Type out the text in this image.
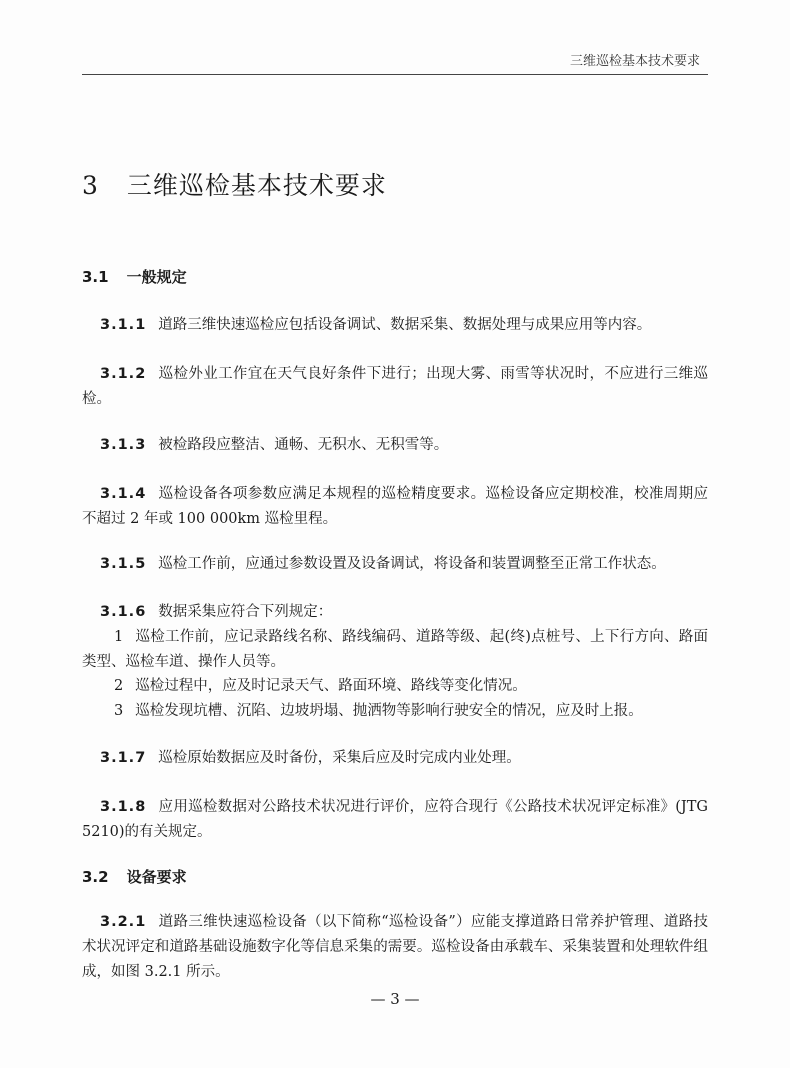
三维巡检基本技术要求
3 三维巡检基本技术要求
3.1 一般规定
3.1.1 道路三维快速巡检应包括设备调试、数据采集、数据处理与成果应用等内容。
3.1.2 巡检外业工作宜在天气良好条件下进行；出现大雾、雨雪等状况时，不应进行三维巡检。
3.1.3 被检路段应整洁、通畅、无积水、无积雪等。
3.1.4 巡检设备各项参数应满足本规程的巡检精度要求。巡检设备应定期校准，校准周期应不超过 2 年或 100 000km 巡检里程。
3.1.5 巡检工作前，应通过参数设置及设备调试，将设备和装置调整至正常工作状态。
3.1.6 数据采集应符合下列规定：
1 巡检工作前，应记录路线名称、路线编码、道路等级、起(终)点桩号、上下行方向、路面类型、巡检车道、操作人员等。
2 巡检过程中，应及时记录天气、路面环境、路线等变化情况。
3 巡检发现坑槽、沉陷、边坡坍塌、抛洒物等影响行驶安全的情况，应及时上报。
3.1.7 巡检原始数据应及时备份，采集后应及时完成内业处理。
3.1.8 应用巡检数据对公路技术状况进行评价，应符合现行《公路技术状况评定标准》(JTG 5210)的有关规定。
3.2 设备要求
3.2.1 道路三维快速巡检设备（以下简称“巡检设备”）应能支撑道路日常养护管理、道路技术状况评定和道路基础设施数字化等信息采集的需要。巡检设备由承载车、采集装置和处理软件组成，如图 3.2.1 所示。
— 3 —
